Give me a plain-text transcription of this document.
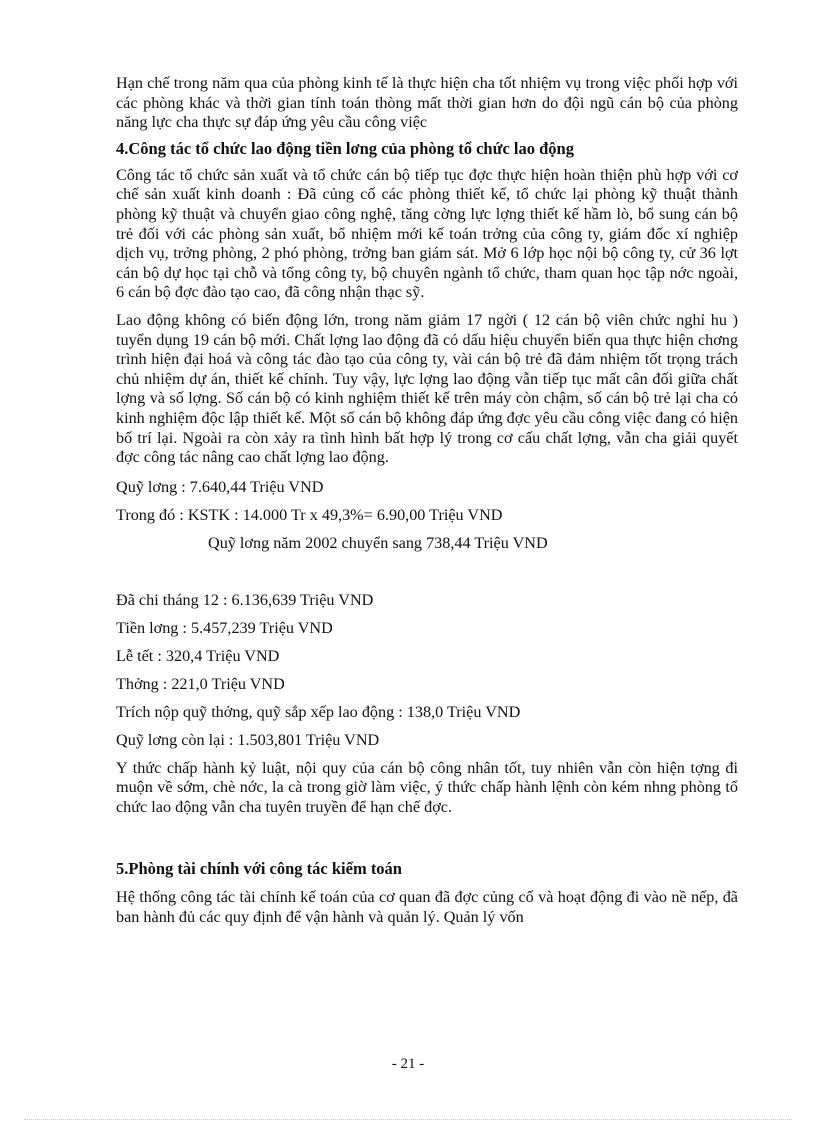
Hạn chế trong năm qua của phòng kinh tế là thực hiện cha tốt nhiệm vụ trong việc phối hợp với các phòng khác và thời gian tính toán thòng mất thời gian hơn do đội ngũ cán bộ của phòng năng lực cha thực sự đáp ứng yêu cầu công việc

4.Công tác tổ chức lao động tiền lơng của phòng tổ chức lao động

Công tác tổ chức sản xuất và tổ chức cán bộ tiếp tục đợc thực hiện hoàn thiện phù hợp với cơ chế sản xuất kinh doanh : Đã củng cố các phòng thiết kế, tổ chức lại phòng kỹ thuật thành phòng kỹ thuật và chuyển giao công nghệ, tăng cờng lực lợng thiết kế hầm lò, bổ sung cán bộ trẻ đối với các phòng sản xuất, bổ nhiệm mới kế toán trởng của công ty, giám đốc xí nghiệp dịch vụ, trởng phòng, 2 phó phòng, trởng ban giám sát. Mở 6 lớp học nội bộ công ty, cử 36 lợt cán bộ dự học tại chỗ và tổng công ty, bộ chuyên ngành tổ chức, tham quan học tập nớc ngoài, 6 cán bộ đợc đào tạo cao, đã công nhận thạc sỹ.

Lao động không có biến động lớn, trong năm giảm 17 ngời ( 12 cán bộ viên chức nghỉ hu ) tuyển dụng 19 cán bộ mới. Chất lợng lao động đã có dấu hiệu chuyển biến qua thực hiện chơng trình hiện đại hoá và công tác đào tạo của công ty, vài cán bộ trẻ đã đảm nhiệm tốt trọng trách chủ nhiệm dự án, thiết kế chính. Tuy vậy, lực lợng lao động vẫn tiếp tục mất cân đối giữa chất lợng và số lợng. Số cán bộ có kinh nghiệm thiết kế trên máy còn chậm, số cán bộ trẻ lại cha có kinh nghiệm độc lập thiết kế. Một số cán bộ không đáp ứng đợc yêu cầu công việc đang có hiện bố trí lại. Ngoài ra còn xảy ra tình hình bất hợp lý trong cơ cấu chất lợng, vẫn cha giải quyết đợc công tác nâng cao chất lợng lao động.

Quỹ lơng : 7.640,44 Triệu VND
Trong đó : KSTK : 14.000 Tr x 49,3%= 6.90,00 Triệu VND
Quỹ lơng năm 2002 chuyển sang 738,44 Triệu VND
Đã chi tháng 12 : 6.136,639 Triệu VND
Tiền lơng : 5.457,239 Triệu VND
Lễ tết : 320,4 Triệu VND
Thởng : 221,0 Triệu VND
Trích nộp quỹ thởng, quỹ sắp xếp lao động : 138,0 Triệu VND
Quỹ lơng còn lại : 1.503,801 Triệu VND

Y thức chấp hành kỷ luật, nội quy của cán bộ công nhân tốt, tuy nhiên vẫn còn hiện tợng đi muộn về sớm, chè nớc, la cà trong giờ làm việc, ý thức chấp hành lệnh còn kém nhng phòng tổ chức lao động vẫn cha tuyên truyền để hạn chế đợc.

5.Phòng tài chính với công tác kiểm toán

Hệ thống công tác tài chính kế toán của cơ quan đã đợc củng cố và hoạt động đi vào nề nếp, đã ban hành đủ các quy định để vận hành và quản lý. Quản lý vốn

- 21 -
